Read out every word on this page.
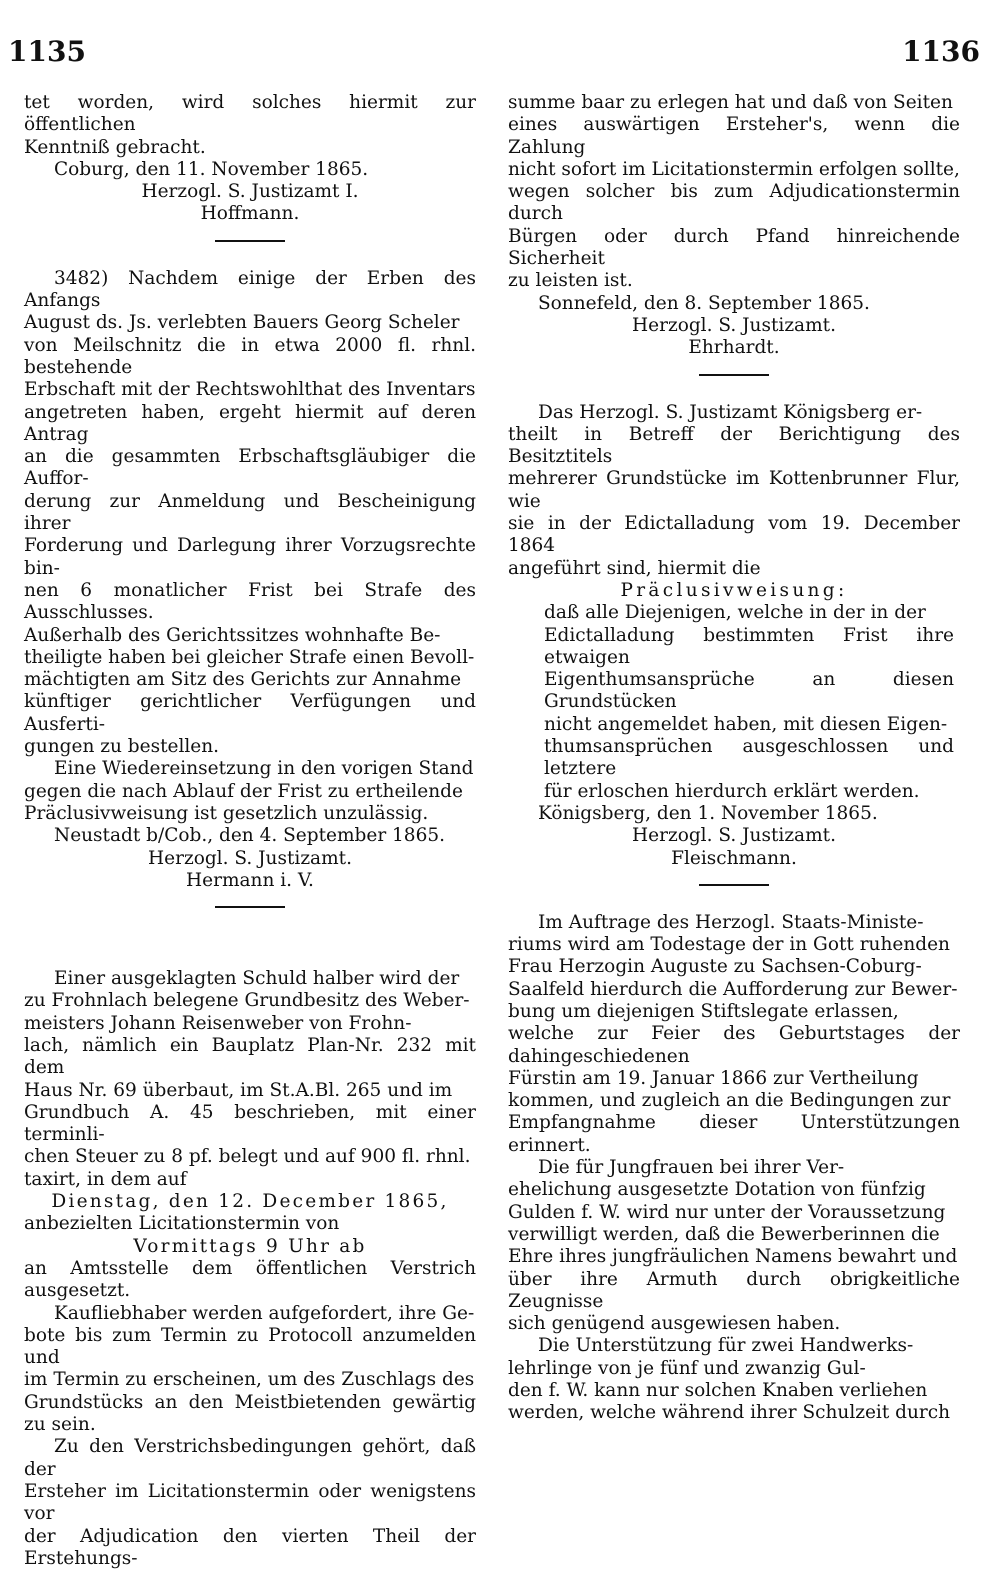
1135	1136

tet worden, wird solches hiermit zur öffentlichen

Kenntniß gebracht.

Coburg, den 11. November 1865.

Herzogl. S. Justizamt I.

Hoffmann.

3482) Nachdem einige der Erben des Anfangs

August ds. Js. verlebten Bauers Georg Scheler

von Meilschnitz die in etwa 2000 fl. rhnl. bestehende

Erbschaft mit der Rechtswohlthat des Inventars

angetreten haben, ergeht hiermit auf deren Antrag

an die gesammten Erbschaftsgläubiger die Auffor-

derung zur Anmeldung und Bescheinigung ihrer

Forderung und Darlegung ihrer Vorzugsrechte bin-

nen 6 monatlicher Frist bei Strafe des Ausschlusses.

Außerhalb des Gerichtssitzes wohnhafte Be-

theiligte haben bei gleicher Strafe einen Bevoll-

mächtigten am Sitz des Gerichts zur Annahme

künftiger gerichtlicher Verfügungen und Ausferti-

gungen zu bestellen.

Eine Wiedereinsetzung in den vorigen Stand

gegen die nach Ablauf der Frist zu ertheilende

Präclusivweisung ist gesetzlich unzulässig.

Neustadt b/Cob., den 4. September 1865.

Herzogl. S. Justizamt.

Hermann i. V.

Einer ausgeklagten Schuld halber wird der

zu Frohnlach belegene Grundbesitz des Weber-

meisters Johann Reisenweber von Frohn-

lach, nämlich ein Bauplatz Plan-Nr. 232 mit dem

Haus Nr. 69 überbaut, im St.A.Bl. 265 und im

Grundbuch A. 45 beschrieben, mit einer terminli-

chen Steuer zu 8 pf. belegt und auf 900 fl. rhnl.

taxirt, in dem auf

Dienstag, den 12. December 1865,

anbezielten Licitationstermin von

Vormittags 9 Uhr ab

an Amtsstelle dem öffentlichen Verstrich ausgesetzt.

Kaufliebhaber werden aufgefordert, ihre Ge-

bote bis zum Termin zu Protocoll anzumelden und

im Termin zu erscheinen, um des Zuschlags des

Grundstücks an den Meistbietenden gewärtig zu sein.

Zu den Verstrichsbedingungen gehört, daß der

Ersteher im Licitationstermin oder wenigstens vor

der Adjudication den vierten Theil der Erstehungs-

summe baar zu erlegen hat und daß von Seiten

eines auswärtigen Ersteher's, wenn die Zahlung

nicht sofort im Licitationstermin erfolgen sollte,

wegen solcher bis zum Adjudicationstermin durch

Bürgen oder durch Pfand hinreichende Sicherheit

zu leisten ist.

Sonnefeld, den 8. September 1865.

Herzogl. S. Justizamt.

Ehrhardt.

Das Herzogl. S. Justizamt Königsberg er-

theilt in Betreff der Berichtigung des Besitztitels

mehrerer Grundstücke im Kottenbrunner Flur, wie

sie in der Edictalladung vom 19. December 1864

angeführt sind, hiermit die

Präclusivweisung:

daß alle Diejenigen, welche in der in der

Edictalladung bestimmten Frist ihre etwaigen

Eigenthumsansprüche an diesen Grundstücken

nicht angemeldet haben, mit diesen Eigen-

thumsansprüchen ausgeschlossen und letztere

für erloschen hierdurch erklärt werden.

Königsberg, den 1. November 1865.

Herzogl. S. Justizamt.

Fleischmann.

Im Auftrage des Herzogl. Staats-Ministe-

riums wird am Todestage der in Gott ruhenden

Frau Herzogin Auguste zu Sachsen-Coburg-

Saalfeld hierdurch die Aufforderung zur Bewer-

bung um diejenigen Stiftslegate erlassen,

welche zur Feier des Geburtstages der dahingeschiedenen

Fürstin am 19. Januar 1866 zur Vertheilung

kommen, und zugleich an die Bedingungen zur

Empfangnahme dieser Unterstützungen erinnert.

Die für Jungfrauen bei ihrer Ver-

ehelichung ausgesetzte Dotation von fünfzig

Gulden f. W. wird nur unter der Voraussetzung

verwilligt werden, daß die Bewerberinnen die

Ehre ihres jungfräulichen Namens bewahrt und

über ihre Armuth durch obrigkeitliche Zeugnisse

sich genügend ausgewiesen haben.

Die Unterstützung für zwei Handwerks-

lehrlinge von je fünf und zwanzig Gul-

den f. W. kann nur solchen Knaben verliehen

werden, welche während ihrer Schulzeit durch
